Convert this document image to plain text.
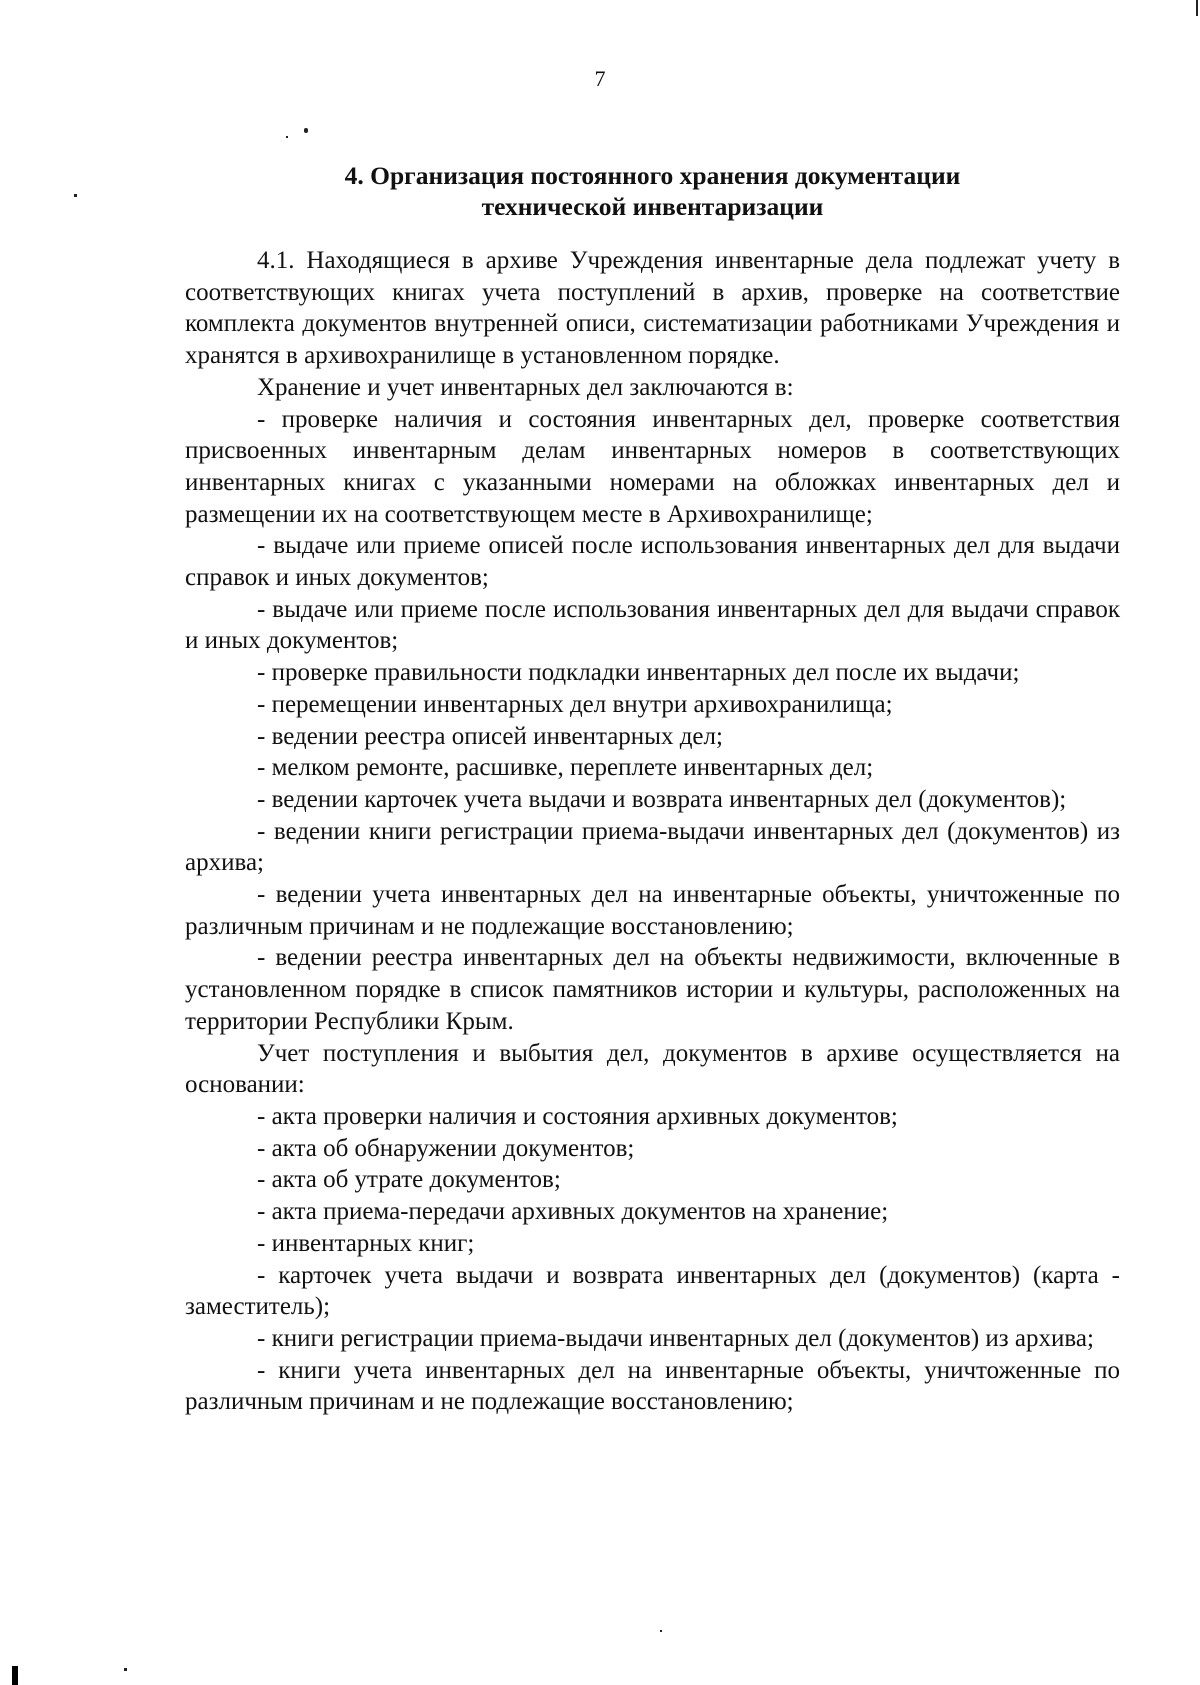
7
4. Организация постоянного хранения документации
технической инвентаризации

4.1. Находящиеся в архиве Учреждения инвентарные дела подлежат учету в соответствующих книгах учета поступлений в архив, проверке на соответствие комплекта документов внутренней описи, систематизации работниками Учреждения и хранятся в архивохранилище в установленном порядке.

Хранение и учет инвентарных дел заключаются в:

- проверке наличия и состояния инвентарных дел, проверке соответствия присвоенных инвентарным делам инвентарных номеров в соответствующих инвентарных книгах с указанными номерами на обложках инвентарных дел и размещении их на соответствующем месте в Архивохранилище;

- выдаче или приеме описей после использования инвентарных дел для выдачи справок и иных документов;

- выдаче или приеме после использования инвентарных дел для выдачи справок и иных документов;

- проверке правильности подкладки инвентарных дел после их выдачи;

- перемещении инвентарных дел внутри архивохранилища;

- ведении реестра описей инвентарных дел;

- мелком ремонте, расшивке, переплете инвентарных дел;

- ведении карточек учета выдачи и возврата инвентарных дел (документов);

- ведении книги регистрации приема-выдачи инвентарных дел (документов) из архива;

- ведении учета инвентарных дел на инвентарные объекты, уничтоженные по различным причинам и не подлежащие восстановлению;

- ведении реестра инвентарных дел на объекты недвижимости, включенные в установленном порядке в список памятников истории и культуры, расположенных на территории Республики Крым.

Учет поступления и выбытия дел, документов в архиве осуществляется на основании:

- акта проверки наличия и состояния архивных документов;

- акта об обнаружении документов;

- акта об утрате документов;

- акта приема-передачи архивных документов на хранение;

- инвентарных книг;

- карточек учета выдачи и возврата инвентарных дел (документов) (карта - заместитель);

- книги регистрации приема-выдачи инвентарных дел (документов) из архива;

- книги учета инвентарных дел на инвентарные объекты, уничтоженные по различным причинам и не подлежащие восстановлению;
